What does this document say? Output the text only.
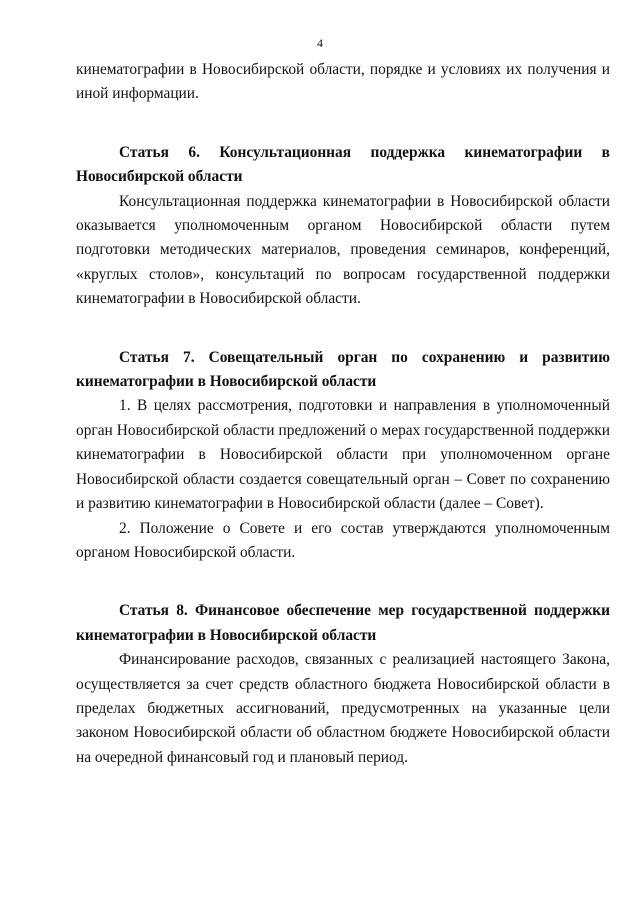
4

кинематографии в Новосибирской области, порядке и условиях их получения и иной информации.

Статья 6. Консультационная поддержка кинематографии в Новосибирской области

Консультационная поддержка кинематографии в Новосибирской области оказывается уполномоченным органом Новосибирской области путем подготовки методических материалов, проведения семинаров, конференций, «круглых столов», консультаций по вопросам государственной поддержки кинематографии в Новосибирской области.

Статья 7. Совещательный орган по сохранению и развитию кинематографии в Новосибирской области

1. В целях рассмотрения, подготовки и направления в уполномоченный орган Новосибирской области предложений о мерах государственной поддержки кинематографии в Новосибирской области при уполномоченном органе Новосибирской области создается совещательный орган – Совет по сохранению и развитию кинематографии в Новосибирской области (далее – Совет).

2. Положение о Совете и его состав утверждаются уполномоченным органом Новосибирской области.

Статья 8. Финансовое обеспечение мер государственной поддержки кинематографии в Новосибирской области

Финансирование расходов, связанных с реализацией настоящего Закона, осуществляется за счет средств областного бюджета Новосибирской области в пределах бюджетных ассигнований, предусмотренных на указанные цели законом Новосибирской области об областном бюджете Новосибирской области на очередной финансовый год и плановый период.
